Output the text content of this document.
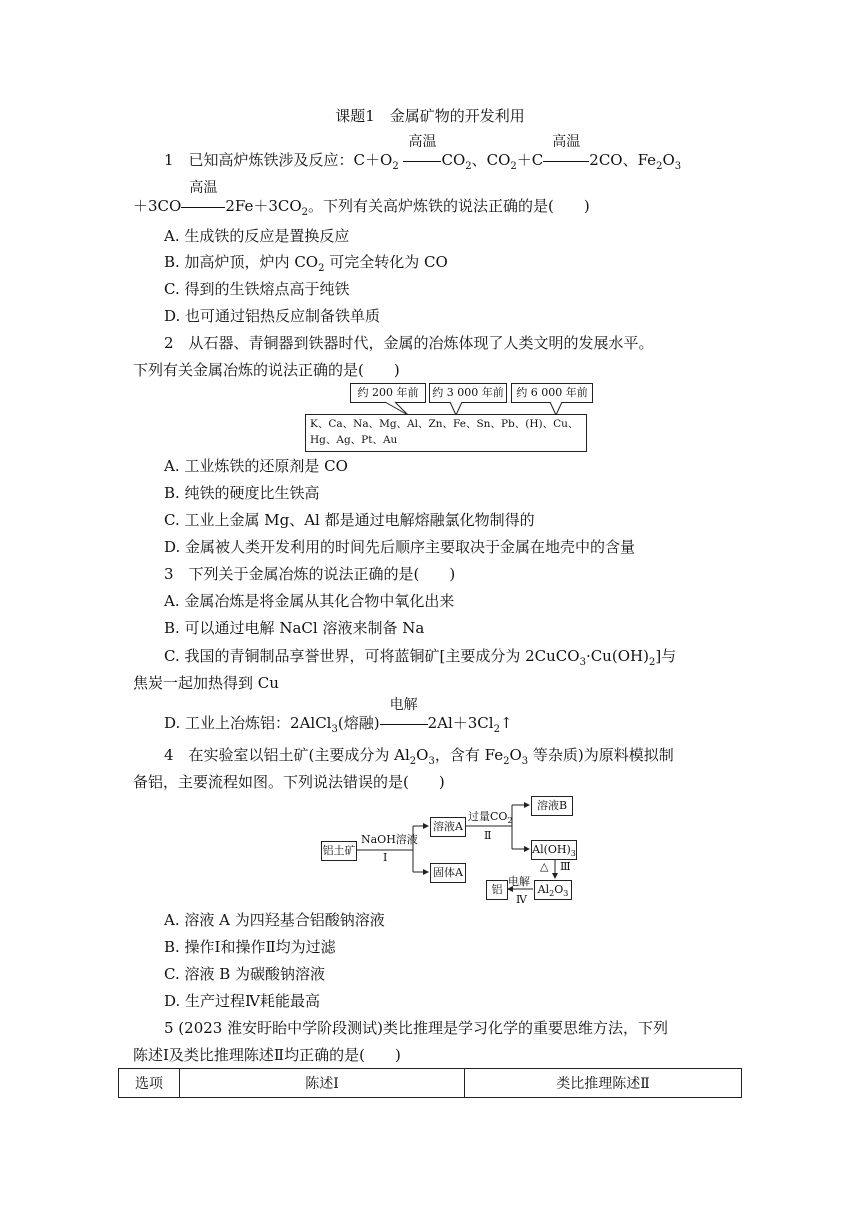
课题1　金属矿物的开发利用
1　已知高炉炼铁涉及反应：$C+O_2$
高温
$CO_2$、$CO_2+C$
高温
2CO、$Fe_2O_3$
＋3CO
高温
$2Fe+3CO_2$。下列有关高炉炼铁的说法正确的是(　　)
A. 生成铁的反应是置换反应
B. 加高炉顶，炉内 $CO_2$ 可完全转化为 CO
C. 得到的生铁熔点高于纯铁
D. 也可通过铝热反应制备铁单质
2　从石器、青铜器到铁器时代，金属的冶炼体现了人类文明的发展水平。
下列有关金属冶炼的说法正确的是(　　)
约 200 年前	约 3 000 年前	约 6 000 年前
K、Ca、Na、Mg、Al、Zn、Fe、Sn、Pb、(H)、Cu、
Hg、Ag、Pt、Au
A. 工业炼铁的还原剂是 CO
B. 纯铁的硬度比生铁高
C. 工业上金属 Mg、Al 都是通过电解熔融氯化物制得的
D. 金属被人类开发利用的时间先后顺序主要取决于金属在地壳中的含量
3　下列关于金属冶炼的说法正确的是(　　)
A. 金属冶炼是将金属从其化合物中氧化出来
B. 可以通过电解 NaCl 溶液来制备 Na
C. 我国的青铜制品享誉世界，可将蓝铜矿[主要成分为 $2CuCO_3\cdot Cu(OH)_2$]与
焦炭一起加热得到 Cu
D. 工业上冶炼铝：2AlCl$_3$(熔融)
电解
$2Al+3Cl_2↑$
4　在实验室以铝土矿(主要成分为 $Al_2O_3$，含有 $Fe_2O_3$ 等杂质)为原料模拟制
备铝，主要流程如图。下列说法错误的是(　　)
铝土矿
NaOH溶液
Ⅰ
溶液A
固体A
过量$CO_2$
Ⅱ
溶液B
$Al(OH)_3$
△ Ⅲ
$Al_2O_3$
电解
Ⅳ
铝
A. 溶液 A 为四羟基合铝酸钠溶液
B. 操作Ⅰ和操作Ⅱ均为过滤
C. 溶液 B 为碳酸钠溶液
D. 生产过程Ⅳ耗能最高
5 (2023 淮安盱眙中学阶段测试)类比推理是学习化学的重要思维方法，下列
陈述Ⅰ及类比推理陈述Ⅱ均正确的是(　　)
选项	陈述Ⅰ	类比推理陈述Ⅱ
